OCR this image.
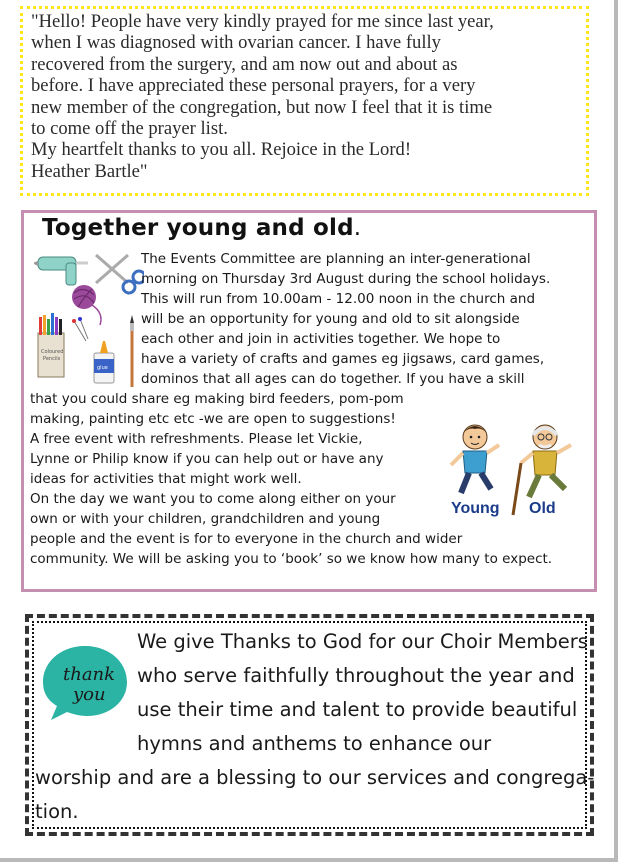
"Hello! People have very kindly prayed for me since last year,
when I was diagnosed with ovarian cancer. I have fully
recovered from the surgery, and am now out and about as
before. I have appreciated these personal prayers, for a very
new member of the congregation, but now I feel that it is time
to come off the prayer list.
My heartfelt thanks to you all. Rejoice in the Lord!
Heather Bartle"
Together young and old.
Coloured
Pencils
glue
The Events Committee are planning an inter-generational
morning on Thursday 3rd August during the school holidays.
This will run from 10.00am - 12.00 noon in the church and
will be an opportunity for young and old to sit alongside
each other and join in activities together. We hope to
have a variety of crafts and games eg jigsaws, card games,
dominos that all ages can do together. If you have a skill
that you could share eg making bird feeders, pom-pom
making, painting etc etc -we are open to suggestions!
A free event with refreshments. Please let Vickie,
Lynne or Philip know if you can help out or have any
ideas for activities that might work well.
On the day we want you to come along either on your
own or with your children, grandchildren and young
people and the event is for to everyone in the church and wider
community. We will be asking you to ‘book’ so we know how many to expect.
Young Old
thank
you
We give Thanks to God for our Choir Members
who serve faithfully throughout the year and
use their time and talent to provide beautiful
hymns and anthems to enhance our
worship and are a blessing to our services and congrega-
tion.
